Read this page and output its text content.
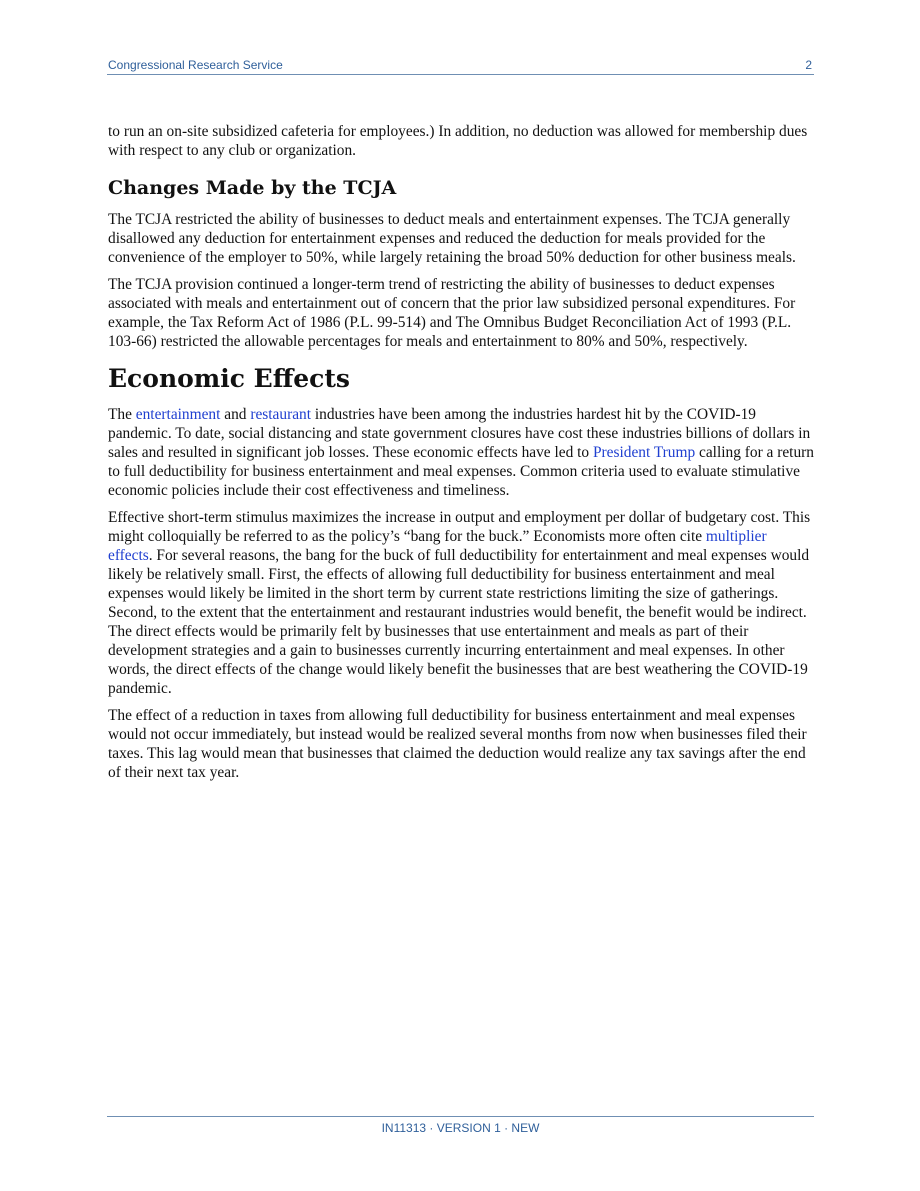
Congressional Research Service	2

to run an on-site subsidized cafeteria for employees.) In addition, no deduction was allowed for membership dues with respect to any club or organization.

Changes Made by the TCJA

The TCJA restricted the ability of businesses to deduct meals and entertainment expenses. The TCJA generally disallowed any deduction for entertainment expenses and reduced the deduction for meals provided for the convenience of the employer to 50%, while largely retaining the broad 50% deduction for other business meals.

The TCJA provision continued a longer-term trend of restricting the ability of businesses to deduct expenses associated with meals and entertainment out of concern that the prior law subsidized personal expenditures. For example, the Tax Reform Act of 1986 (P.L. 99-514) and The Omnibus Budget Reconciliation Act of 1993 (P.L. 103-66) restricted the allowable percentages for meals and entertainment to 80% and 50%, respectively.

Economic Effects

The entertainment and restaurant industries have been among the industries hardest hit by the COVID-19 pandemic. To date, social distancing and state government closures have cost these industries billions of dollars in sales and resulted in significant job losses. These economic effects have led to President Trump calling for a return to full deductibility for business entertainment and meal expenses. Common criteria used to evaluate stimulative economic policies include their cost effectiveness and timeliness.

Effective short-term stimulus maximizes the increase in output and employment per dollar of budgetary cost. This might colloquially be referred to as the policy’s “bang for the buck.” Economists more often cite multiplier effects. For several reasons, the bang for the buck of full deductibility for entertainment and meal expenses would likely be relatively small. First, the effects of allowing full deductibility for business entertainment and meal expenses would likely be limited in the short term by current state restrictions limiting the size of gatherings. Second, to the extent that the entertainment and restaurant industries would benefit, the benefit would be indirect. The direct effects would be primarily felt by businesses that use entertainment and meals as part of their development strategies and a gain to businesses currently incurring entertainment and meal expenses. In other words, the direct effects of the change would likely benefit the businesses that are best weathering the COVID-19 pandemic.

The effect of a reduction in taxes from allowing full deductibility for business entertainment and meal expenses would not occur immediately, but instead would be realized several months from now when businesses filed their taxes. This lag would mean that businesses that claimed the deduction would realize any tax savings after the end of their next tax year.

IN11313 · VERSION 1 · NEW
